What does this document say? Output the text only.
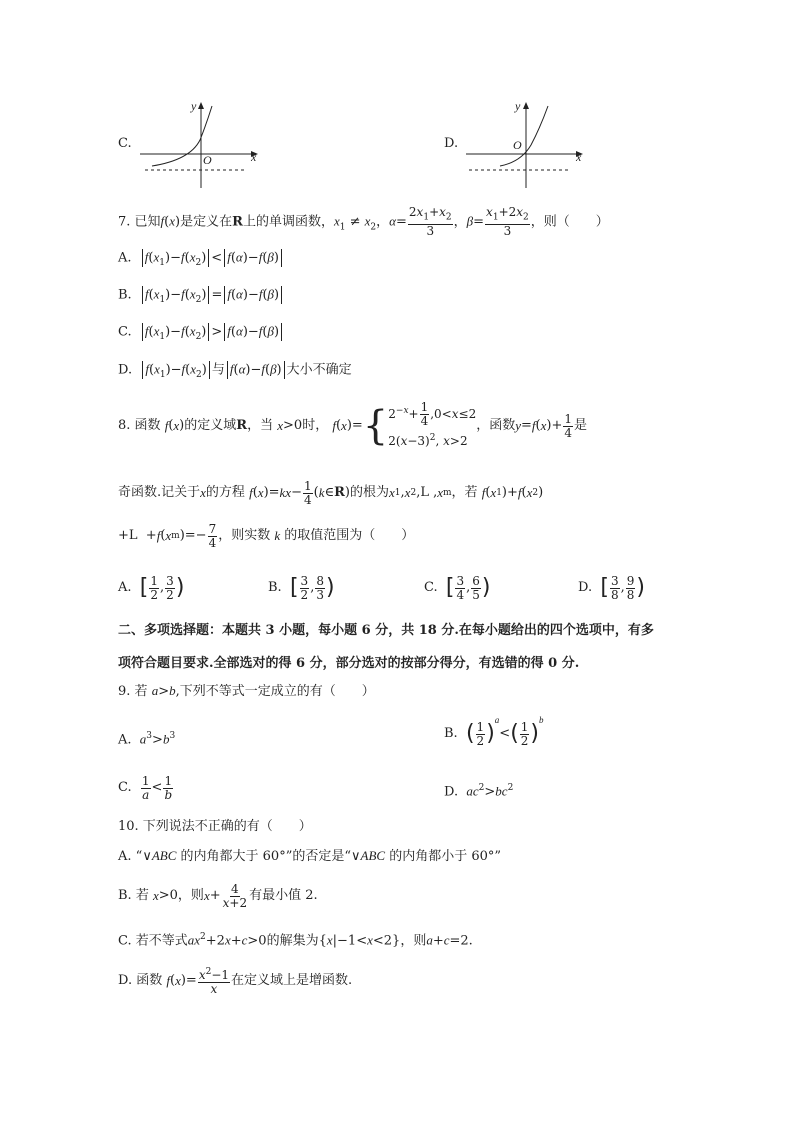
C.
y
x
O
D.
y
x
O
7. 已知f(x)是定义在R上的单调函数，$x_1 \ne x_2$，$\alpha= \frac{2x_1+x_2}{3}$ ，$\beta= \frac{x_1+2x_2}{3}$ ，则（　　）
A. $f(x_1)-f(x_2) < f(\alpha)-f(\beta)$
B. $f(x_1)-f(x_2) = f(\alpha)-f(\beta)$
C. $f(x_1)-f(x_2) > f(\alpha)-f(\beta)$
D. $f(x_1)-f(x_2)$ 与 f(α)−f(β) 大小不确定
8. 函数
f ( x ) 的定义域 R ，当
x >0 时，
f ( x )= { $2^{-x}+ \frac{1}{4} ,0<x\le 2$
$2(x-3)^2$, x>2
，函数 y = f ( x )+ $\frac{1}{4}$ 是
奇函数.记关于 x 的方程
f ( x )= kx − $\frac{1}{4}$ ( k ∈ R ) 的根为 x 1 , x 2 ,L , x m ，若
f ( x 1 )+ f ( x 2 )
+L  + f ( x m )=− $\frac{7}{4}$ ，则实数
k
的取值范围为（　　）
A.
[ $\frac{1}{2}$ , $\frac{3}{2}$ )	B.
[ $\frac{3}{2}$ , $\frac{8}{3}$ )	C.
[ $\frac{3}{4}$ , $\frac{6}{5}$ )	D.
[ $\frac{3}{8}$ , $\frac{9}{8}$ )
二、多项选择题：本题共 3 小题，每小题 6 分，共 18 分.在每小题给出的四个选项中，有多
项符合题目要求.全部选对的得 6 分，部分选对的按部分得分，有选错的得 0 分.
9. 若 a>b,下列不等式一定成立的有（　　）
A. $a^3>b^3$	B.
( $\frac{1}{2}$ )
$^a$
< ( $\frac{1}{2}$ )
$^b$
C.
$\frac{1}{a} < \frac{1}{b}$	D. $ac^2>bc^2$
10. 下列说法不正确的有（　　）
A. “∨ABC 的内角都大于 60°”的否定是“∨ABC 的内角都小于 60°”
B. 若
x >0 ，则 $x + \frac{4}{x+2}$ 有最小值 2.
C. 若不等式$ax^2+2x+c>0$的解集为{x|−1<x<2}，则a+c=2.
D. 函数
f ( x )= $\frac{x^2-1}{x}$ 在定义域上是增函数.
